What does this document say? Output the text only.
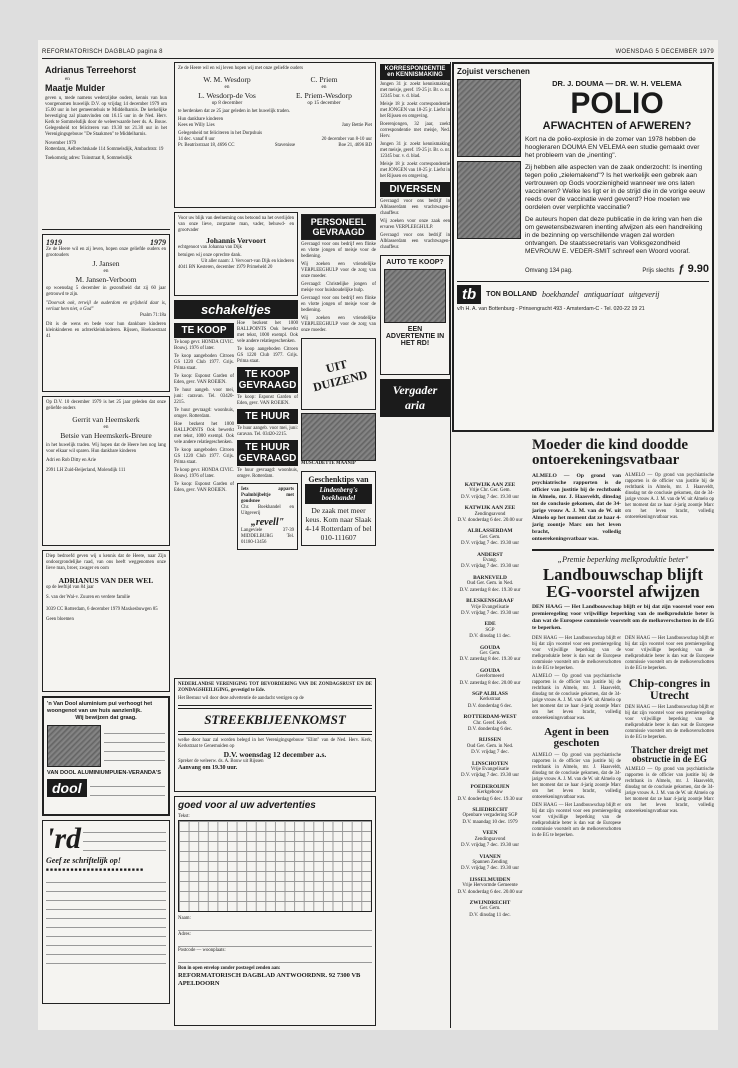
REFORMATORISCH DAGBLAD pagina 8	WOENSDAG 5 DECEMBER 1979
Adrianus Terreehorst
en
Maatje Mulder
geven u, mede namens wederzijdse ouders, kennis van hun voorgenomen huwelijk D.V. op vrijdag 14 december 1979 om 15.00 uur in het gemeentehuis te Middelharnis. De kerkelijke bevestiging zal plaatsvinden om 16.15 uur in de Ned. Herv. Kerk te Sommelsdijk door de weleerwaarde heer ds. A. Bouw. Gelegenheid tot feliciteren van 19.30 tot 21.30 uur in het Verenigingsgebouw "De Staakmen" te Middelharnis.
November 1979
Rotterdam, Aelbrechtskade 114 Sommelsdijk, Ambachtstr. 19
Toekomstig adres: Tuinstraat 8, Sommelsdijk
1919	1979
Ze de Heere wil en zij leven, hopen onze geliefde ouders en grootouders
J. Jansen
en
M. Jansen-Verboom
op woensdag 5 december in gezondheid dat zij 60 jaar getrouwd te zijn.
"Doorvak ook, terwijl de ouderdom en grijsheid daar is, verlaat hem niet, o God"
Psalm 71:18a
Dit is de wens en bede voor hun dankbare kinderen kleinkinderen en achterkleinkinderen. Rijssen, Hoeksestraat 41
Op D.V. 10 december 1979 is het 25 jaar geleden dat onze geliefde ouders
Gerrit van Heemskerk
en
Betsie van Heemskerk-Breure
in het huwelijk traden. Wij hopen dat de Heere hen nog lang voor elkaar wil sparen. Hun dankbare kinderen
Adri en Rob Ditty en Arie
2991 LH Zuid-Beijerland, Molendijk 111
Diep bedroefd geven wij u kennis dat de Heere, naar Zijn ondoorgrondelijke raad, van ons heeft weggenomen onze lieve man, broer, zwager en oom
ADRIANUS VAN DER WEL
op de leeftijd van 84 jaar
S. van der Wal-v. Zuuren en verdere familie
3039 CC Rotterdam, 6 december 1979 Maxkesbuwgen 85
Geen bloemen
'n Van Dool aluminium pui verhoogt het woongenot van uw huis aanzienlijk.
Wij bewijzen dat graag.
VAN DOOL ALUMINIUMPUIEN-VERANDA'S
dool
'rd
Geef ze schriftelijk op!
■ ■ ■ ■ ■ ■ ■ ■ ■ ■ ■ ■ ■ ■ ■ ■ ■ ■ ■ ■ ■ ■ ■ ■
Ze de Heere wil en wij leven hopen wij met onze geliefde ouders
W. M. Wesdorp
en
L. Wesdorp-de Vos
op 8 december
C. Priem
en
E. Priem-Wesdorp
op 15 december
te herdenken dat ze 25 jaar geleden in het huwelijk traden.
Hun dankbare kinderen
Kees en Willy Lies	Jany Bettie Piet
Gelegenheid tot feliciteren in het Dorpshuis
14 dec. vanaf 8 uur	20 december van 8-10 uur
Pr. Beatrixstraat 18, 4696 CC	Stavenisse	Boe 21, 4696 BD
Voor uw blijk van deelneming ons betoond na het overlijden van onze lieve, zorgzame man, vader, behuwd- en grootvader
Johannis Vervoort
echtgenoot van Johanna van Dijk
betuigen wij onze oprechte dank.
Uit aller naam: J. Vervoort-van Dijk en kinderen
4041 BN Kesteren, december 1979 Primeheld 20
schakeltjes
TE KOOP
Te koop gevr. HONDA CIVIC. Bouwj. 1976 of later.
Te koop aangeboden Citroen GS 1220 Club 1977. Grijs. Prima staat.
Te koop: Esponst Garden of Eden, gevr. VAN ROEIEN.
Te huur aangeb. voor mei, juni: caravan. Tel. 03420-2215.
Te huur gevraagd: woonhuis, omgev. Rotterdam.
Hoe bezkent het 1000 BALLPOINTS Ook bewerkt met tekst, 1000 exempl. Ook vele andere relatiegeschenken.
Te koop aangeboden Citroen GS 1220 Club 1977. Grijs. Prima staat.
Te koop gevr. HONDA CIVIC. Bouwj. 1976 of later.
Te koop: Esponst Garden of Eden, gevr. VAN ROEIEN.
Hoe bezkent het 1000 BALLPOINTS Ook bewerkt met tekst, 1000 exempl. Ook vele andere relatiegeschenken.
Te koop aangeboden Citroen GS 1220 Club 1977. Grijs. Prima staat.
TE KOOP GEVRAAGD
Te koop: Esponst Garden of Eden, gevr. VAN ROEIEN.
TE HUUR
Te huur aangeb. voor mei, juni: caravan. Tel. 03420-2215.
TE HUUR GEVRAAGD
Te huur gevraagd: woonhuis, omgev. Rotterdam.
Iets apparts Psalmbijbeltje met goudsnee
Chr. Boekhandel en Uitgeverij
„revell"
Langeviele 37-39 MIDDELBURG Tel. 01180-13456
PERSONEEL GEVRAAGD
Gevraagd voor ons bedrijf een flinke en vlotte jongen of meisje voor de bediening.
Wij zoeken een vriendelijke VERPLEEGHULP voor de zorg van onze moeder.
Gevraagd: Christelijke jongen of meisje voor huishoudelijke hulp.
Gevraagd voor ons bedrijf een flinke en vlotte jongen of meisje voor de bediening.
Wij zoeken een vriendelijke VERPLEEGHULP voor de zorg van onze moeder.
UIT DUIZEND
MUSCADETTE MAANIP
Geschenktips van
Lindenberg's boekhandel
De zaak met meer keus. Kom naar Slaak 4-14 Rotterdam of bel 010-111607
NEDERLANDSE VERENIGING TOT BEVORDERING VAN DE ZONDAGSRUST EN DE ZONDAGSHEILIGING, gevestigd te Ede.
Het Bestuur wil door deze advertentie de aandacht vestigen op de
STREEKBIJEENKOMST
welke door haar zal worden belegd in het Verenigingsgebouw "Elim" van de Ned. Herv. Kerk, Kerkstraat te Genemuiden op
D.V. woensdag 12 december a.s.
Spreker de weleerw. ds. A. Bouw uit Rijssen
Aanvang om 19.30 uur.
goed voor al uw advertenties
Tekst:
Naam:
Adres:
Postcode — woonplaats:
Bon in open envelop zonder postzegel zenden aan:
REFORMATORISCH DAGBLAD ANTWOORDNR. 92 7300 VB APELDOORN
KORRESPONDENTIE en KENNISMAKING
Jongen 31 jr. zoekt kennismaking met meisje, geref. 19-25 jr. Br. o. nr. 12345 bur. v. d. blad.
Meisje 18 jr. zoekt correspondentie met JONGEN van 18-25 jr. Liefst in het Rijssen en omgeving.
Boerenjongen, 32 jaar, zoekt correspondentie met meisje, Ned. Herv.
Jongen 31 jr. zoekt kennismaking met meisje, geref. 19-25 jr. Br. o. nr. 12345 bur. v. d. blad.
Meisje 18 jr. zoekt correspondentie met JONGEN van 18-25 jr. Liefst in het Rijssen en omgeving.
DIVERSEN
Gevraagd voor ons bedrijf in Alblasserdam een vrachtwagen-chauffeur.
Wij zoeken voor onze zaak een ervaren VERPLEEGHULP.
Gevraagd voor ons bedrijf in Alblasserdam een vrachtwagen-chauffeur.
AUTO TE KOOP?
EEN ADVERTENTIE IN HET RD!
Vergader aria
KATWIJK AAN ZEE
Vrije Chr. Ger. Gem.
D.V. vrijdag 7 dec. 19.30 uur
KATWIJK AAN ZEE
Zendingsavond
D.V. donderdag 6 dec. 20.00 uur
ALBLASSERDAM
Ger. Gem.
D.V. vrijdag 7 dec. 19.30 uur
ANDERST
Evang.
D.V. vrijdag 7 dec. 19.30 uur
BARNEVELD
Oud Ger. Gem. in Ned.
D.V. zaterdag 8 dec. 19.30 uur
BLESKENSGRAAF
Vrije Evangelisatie
D.V. vrijdag 7 dec. 19.30 uur
EDE
SGP
D.V. dinsdag 11 dec.
GOUDA
Ger. Gem.
D.V. zaterdag 8 dec. 19.30 uur
GOUDA
Gereformeerd
D.V. zaterdag 8 dec. 20.00 uur
SGP ALBLASS
Kerkstraat
D.V. donderdag 6 dec.
ROTTERDAM-WEST
Chr. Geref. Kerk
D.V. donderdag 6 dec.
RIJSSEN
Oud Ger. Gem. in Ned.
D.V. vrijdag 7 dec.
LINSCHOTEN
Vrije Evangelisatie
D.V. vrijdag 7 dec. 19.30 uur
POEDEROIJEN
Kerkgebouw
D.V. donderdag 6 dec. 19.30 uur
SLIEDRECHT
Openbare vergadering SGP
D.V. maandag 10 dec. 1979
VEEN
Zendingsavond
D.V. vrijdag 7 dec. 19.30 uur
VIANEN
Spannen Zending
D.V. vrijdag 7 dec. 19.30 uur
IJSSELMUIDEN
Vrije Hervormde Gemeente
D.V. donderdag 6 dec. 20.00 uur
ZWIJNDRECHT
Ger. Gem.
D.V. dinsdag 11 dec.
Zojuist verschenen
DR. J. DOUMA — DR. W. H. VELEMA
POLIO
AFWACHTEN of AFWEREN?
Kort na de polio-explosie in de zomer van 1978 hebben de hoogleraren DOUMA EN VELEMA een studie gemaakt over het probleem van de „inenting".
Zij hebben alle aspecten van de zaak onderzocht: Is inenting tegen polio „zielemakend"? Is het werkelijk een gebrek aan vertrouwen op Gods voorzienigheid wanneer we ons laten vaccineren? Welke les ligt er in de strijd die in de vorige eeuw reeds over de vaccinatie werd gevoerd? Hoe moeten we oordelen over verplichte vaccinatie?
De auteurs hopen dat deze publicatie in de kring van hen die om gewetensbezwaren inenting afwijzen als een handreiking in de bezinning op verschillende vragen zal worden ontvangen. De staatssecretaris van Volksgezondheid MEVROUW E. VEDER-SMIT schreef een Woord vooraf.
Omvang 134 pag.	Prijs slechts ƒ 9.90
tb	TON BOLLAND boekhandel antiquariaat uitgeverij
v/h H. A. van Bottenburg - Prinsengracht 493 - Amsterdam-C - Tel. 020-22 19 21
Moeder die kind doodde ontoerekeningsvatbaar
ALMELO — Op grond van psychiatrische rapporten is de officier van justitie bij de rechtbank in Almelo, mr. J. Haasveldt, dinsdag tot de conclusie gekomen, dat de 34-jarige vrouw A. J. M. van de W. uit Almelo op het moment dat ze haar 4-jarig zoontje Marc om het leven bracht, volledig ontoerekeningsvatbaar was.
ALMELO — Op grond van psychiatrische rapporten is de officier van justitie bij de rechtbank in Almelo, mr. J. Haasveldt, dinsdag tot de conclusie gekomen, dat de 34-jarige vrouw A. J. M. van de W. uit Almelo op het moment dat ze haar 4-jarig zoontje Marc om het leven bracht, volledig ontoerekeningsvatbaar was.
„Premie beperking melkproduktie beter"
Landbouwschap blijft EG-voorstel afwijzen
DEN HAAG — Het Landbouwschap blijft er bij dat zijn voorstel voor een premieregeling voor vrijwillige beperking van de melkproduktie beter is dan wat de Europese commissie voorstelt om de melkoverschotten in de EG te beperken.
DEN HAAG — Het Landbouwschap blijft er bij dat zijn voorstel voor een premieregeling voor vrijwillige beperking van de melkproduktie beter is dan wat de Europese commissie voorstelt om de melkoverschotten in de EG te beperken.
ALMELO — Op grond van psychiatrische rapporten is de officier van justitie bij de rechtbank in Almelo, mr. J. Haasveldt, dinsdag tot de conclusie gekomen, dat de 34-jarige vrouw A. J. M. van de W. uit Almelo op het moment dat ze haar 4-jarig zoontje Marc om het leven bracht, volledig ontoerekeningsvatbaar was.
Agent in been geschoten
ALMELO — Op grond van psychiatrische rapporten is de officier van justitie bij de rechtbank in Almelo, mr. J. Haasveldt, dinsdag tot de conclusie gekomen, dat de 34-jarige vrouw A. J. M. van de W. uit Almelo op het moment dat ze haar 4-jarig zoontje Marc om het leven bracht, volledig ontoerekeningsvatbaar was.
DEN HAAG — Het Landbouwschap blijft er bij dat zijn voorstel voor een premieregeling voor vrijwillige beperking van de melkproduktie beter is dan wat de Europese commissie voorstelt om de melkoverschotten in de EG te beperken.
DEN HAAG — Het Landbouwschap blijft er bij dat zijn voorstel voor een premieregeling voor vrijwillige beperking van de melkproduktie beter is dan wat de Europese commissie voorstelt om de melkoverschotten in de EG te beperken.
Chip-congres in Utrecht
DEN HAAG — Het Landbouwschap blijft er bij dat zijn voorstel voor een premieregeling voor vrijwillige beperking van de melkproduktie beter is dan wat de Europese commissie voorstelt om de melkoverschotten in de EG te beperken.
Thatcher dreigt met obstructie in de EG
ALMELO — Op grond van psychiatrische rapporten is de officier van justitie bij de rechtbank in Almelo, mr. J. Haasveldt, dinsdag tot de conclusie gekomen, dat de 34-jarige vrouw A. J. M. van de W. uit Almelo op het moment dat ze haar 4-jarig zoontje Marc om het leven bracht, volledig ontoerekeningsvatbaar was.
